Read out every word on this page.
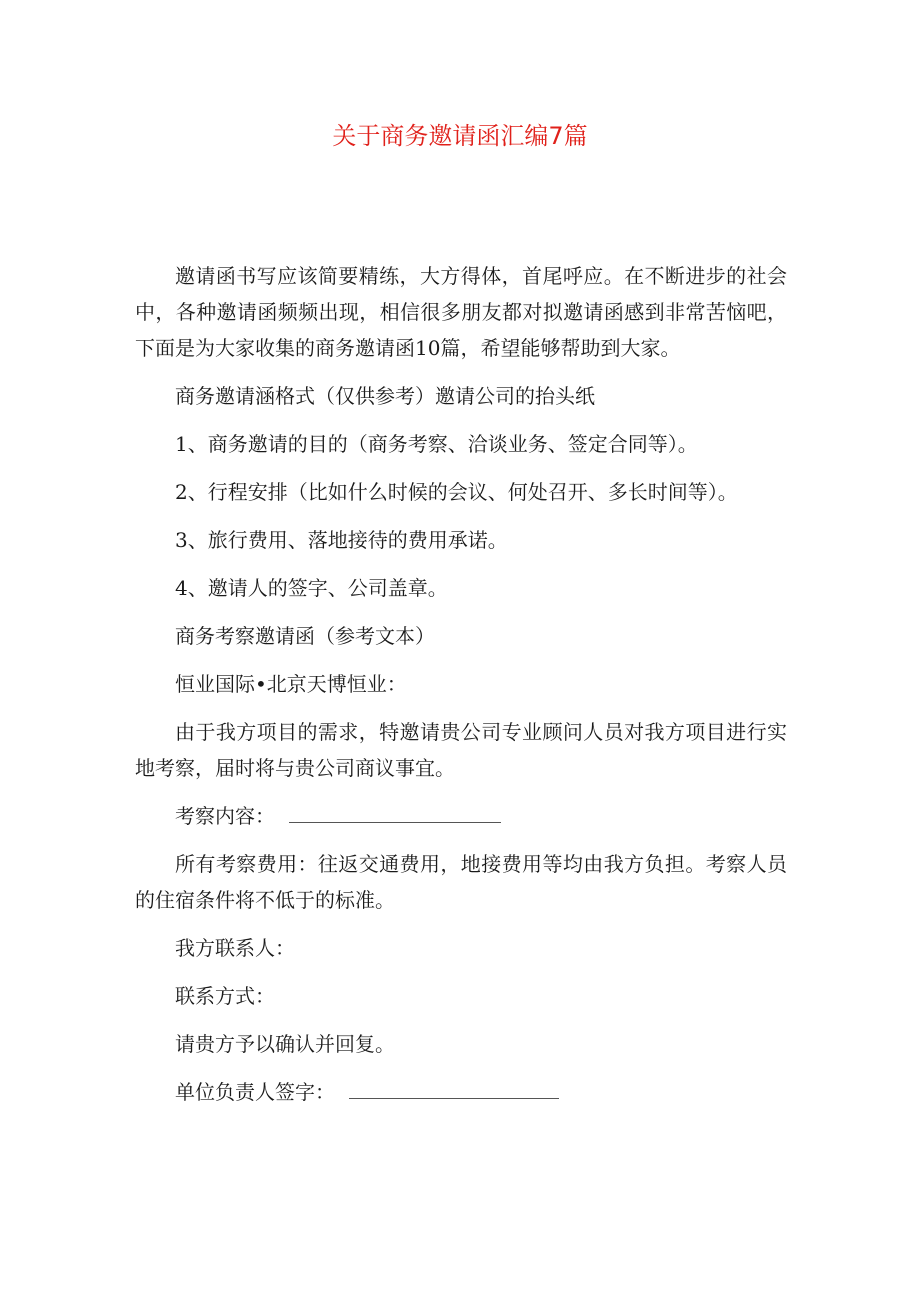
关于商务邀请函汇编7篇

邀请函书写应该简要精练，大方得体，首尾呼应。在不断进步的社会中，各种邀请函频频出现，相信很多朋友都对拟邀请函感到非常苦恼吧，下面是为大家收集的商务邀请函10篇，希望能够帮助到大家。

商务邀请涵格式（仅供参考）邀请公司的抬头纸

1、商务邀请的目的（商务考察、洽谈业务、签定合同等）。

2、行程安排（比如什么时候的会议、何处召开、多长时间等）。

3、旅行费用、落地接待的费用承诺。

4、邀请人的签字、公司盖章。

商务考察邀请函（参考文本）

恒业国际•北京天博恒业：

由于我方项目的需求，特邀请贵公司专业顾问人员对我方项目进行实地考察，届时将与贵公司商议事宜。

考察内容：

所有考察费用：往返交通费用，地接费用等均由我方负担。考察人员的住宿条件将不低于的标准。

我方联系人：

联系方式：

请贵方予以确认并回复。

单位负责人签字：
